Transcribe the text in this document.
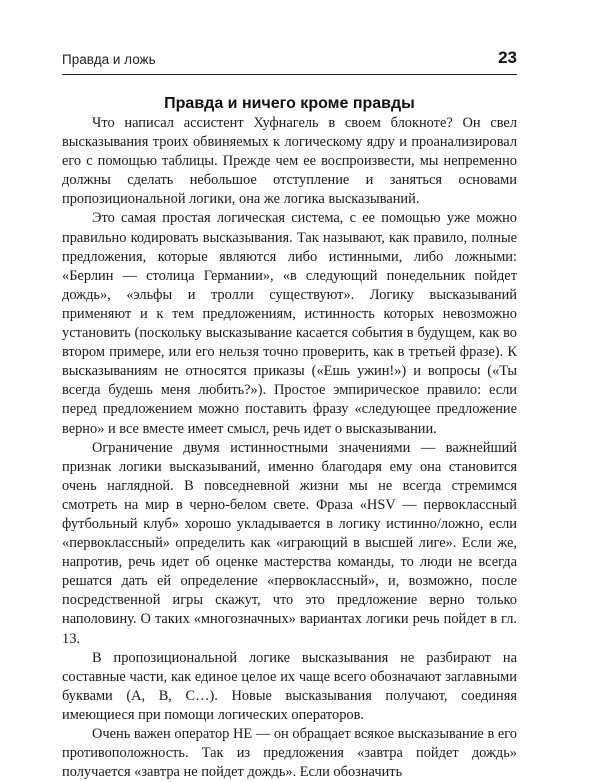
Правда и ложь	23
Правда и ничего кроме правды

Что написал ассистент Хуфнагель в своем блокноте? Он свел высказывания троих обвиняемых к логическому ядру и проанализировал его с помощью таблицы. Прежде чем ее воспроизвести, мы непременно должны сделать небольшое отступление и заняться основами пропозициональной логики, она же логика высказываний.

Это самая простая логическая система, с ее помощью уже можно правильно кодировать высказывания. Так называют, как правило, полные предложения, которые являются либо истинными, либо ложными: «Берлин — столица Германии», «в следующий понедельник пойдет дождь», «эльфы и тролли существуют». Логику высказываний применяют и к тем предложениям, истинность которых невозможно установить (поскольку высказывание касается события в будущем, как во втором примере, или его нельзя точно проверить, как в третьей фразе). К высказываниям не относятся приказы («Ешь ужин!») и вопросы («Ты всегда будешь меня любить?»). Простое эмпирическое правило: если перед предложением можно поставить фразу «следующее предложение верно» и все вместе имеет смысл, речь идет о высказывании.

Ограничение двумя истинностными значениями — важнейший признак логики высказываний, именно благодаря ему она становится очень наглядной. В повседневной жизни мы не всегда стремимся смотреть на мир в черно-белом свете. Фраза «HSV — первоклассный футбольный клуб» хорошо укладывается в логику истинно/ложно, если «первоклассный» определить как «играющий в высшей лиге». Если же, напротив, речь идет об оценке мастерства команды, то люди не всегда решатся дать ей определение «первоклассный», и, возможно, после посредственной игры скажут, что это предложение верно только наполовину. О таких «многозначных» вариантах логики речь пойдет в гл. 13.

В пропозициональной логике высказывания не разбирают на составные части, как единое целое их чаще всего обозначают заглавными буквами (A, B, C…). Новые высказывания получают, соединяя имеющиеся при помощи логических операторов.

Очень важен оператор НЕ — он обращает всякое высказывание в его противоположность. Так из предложения «завтра пойдет дождь» получается «завтра не пойдет дождь». Если обозначить
